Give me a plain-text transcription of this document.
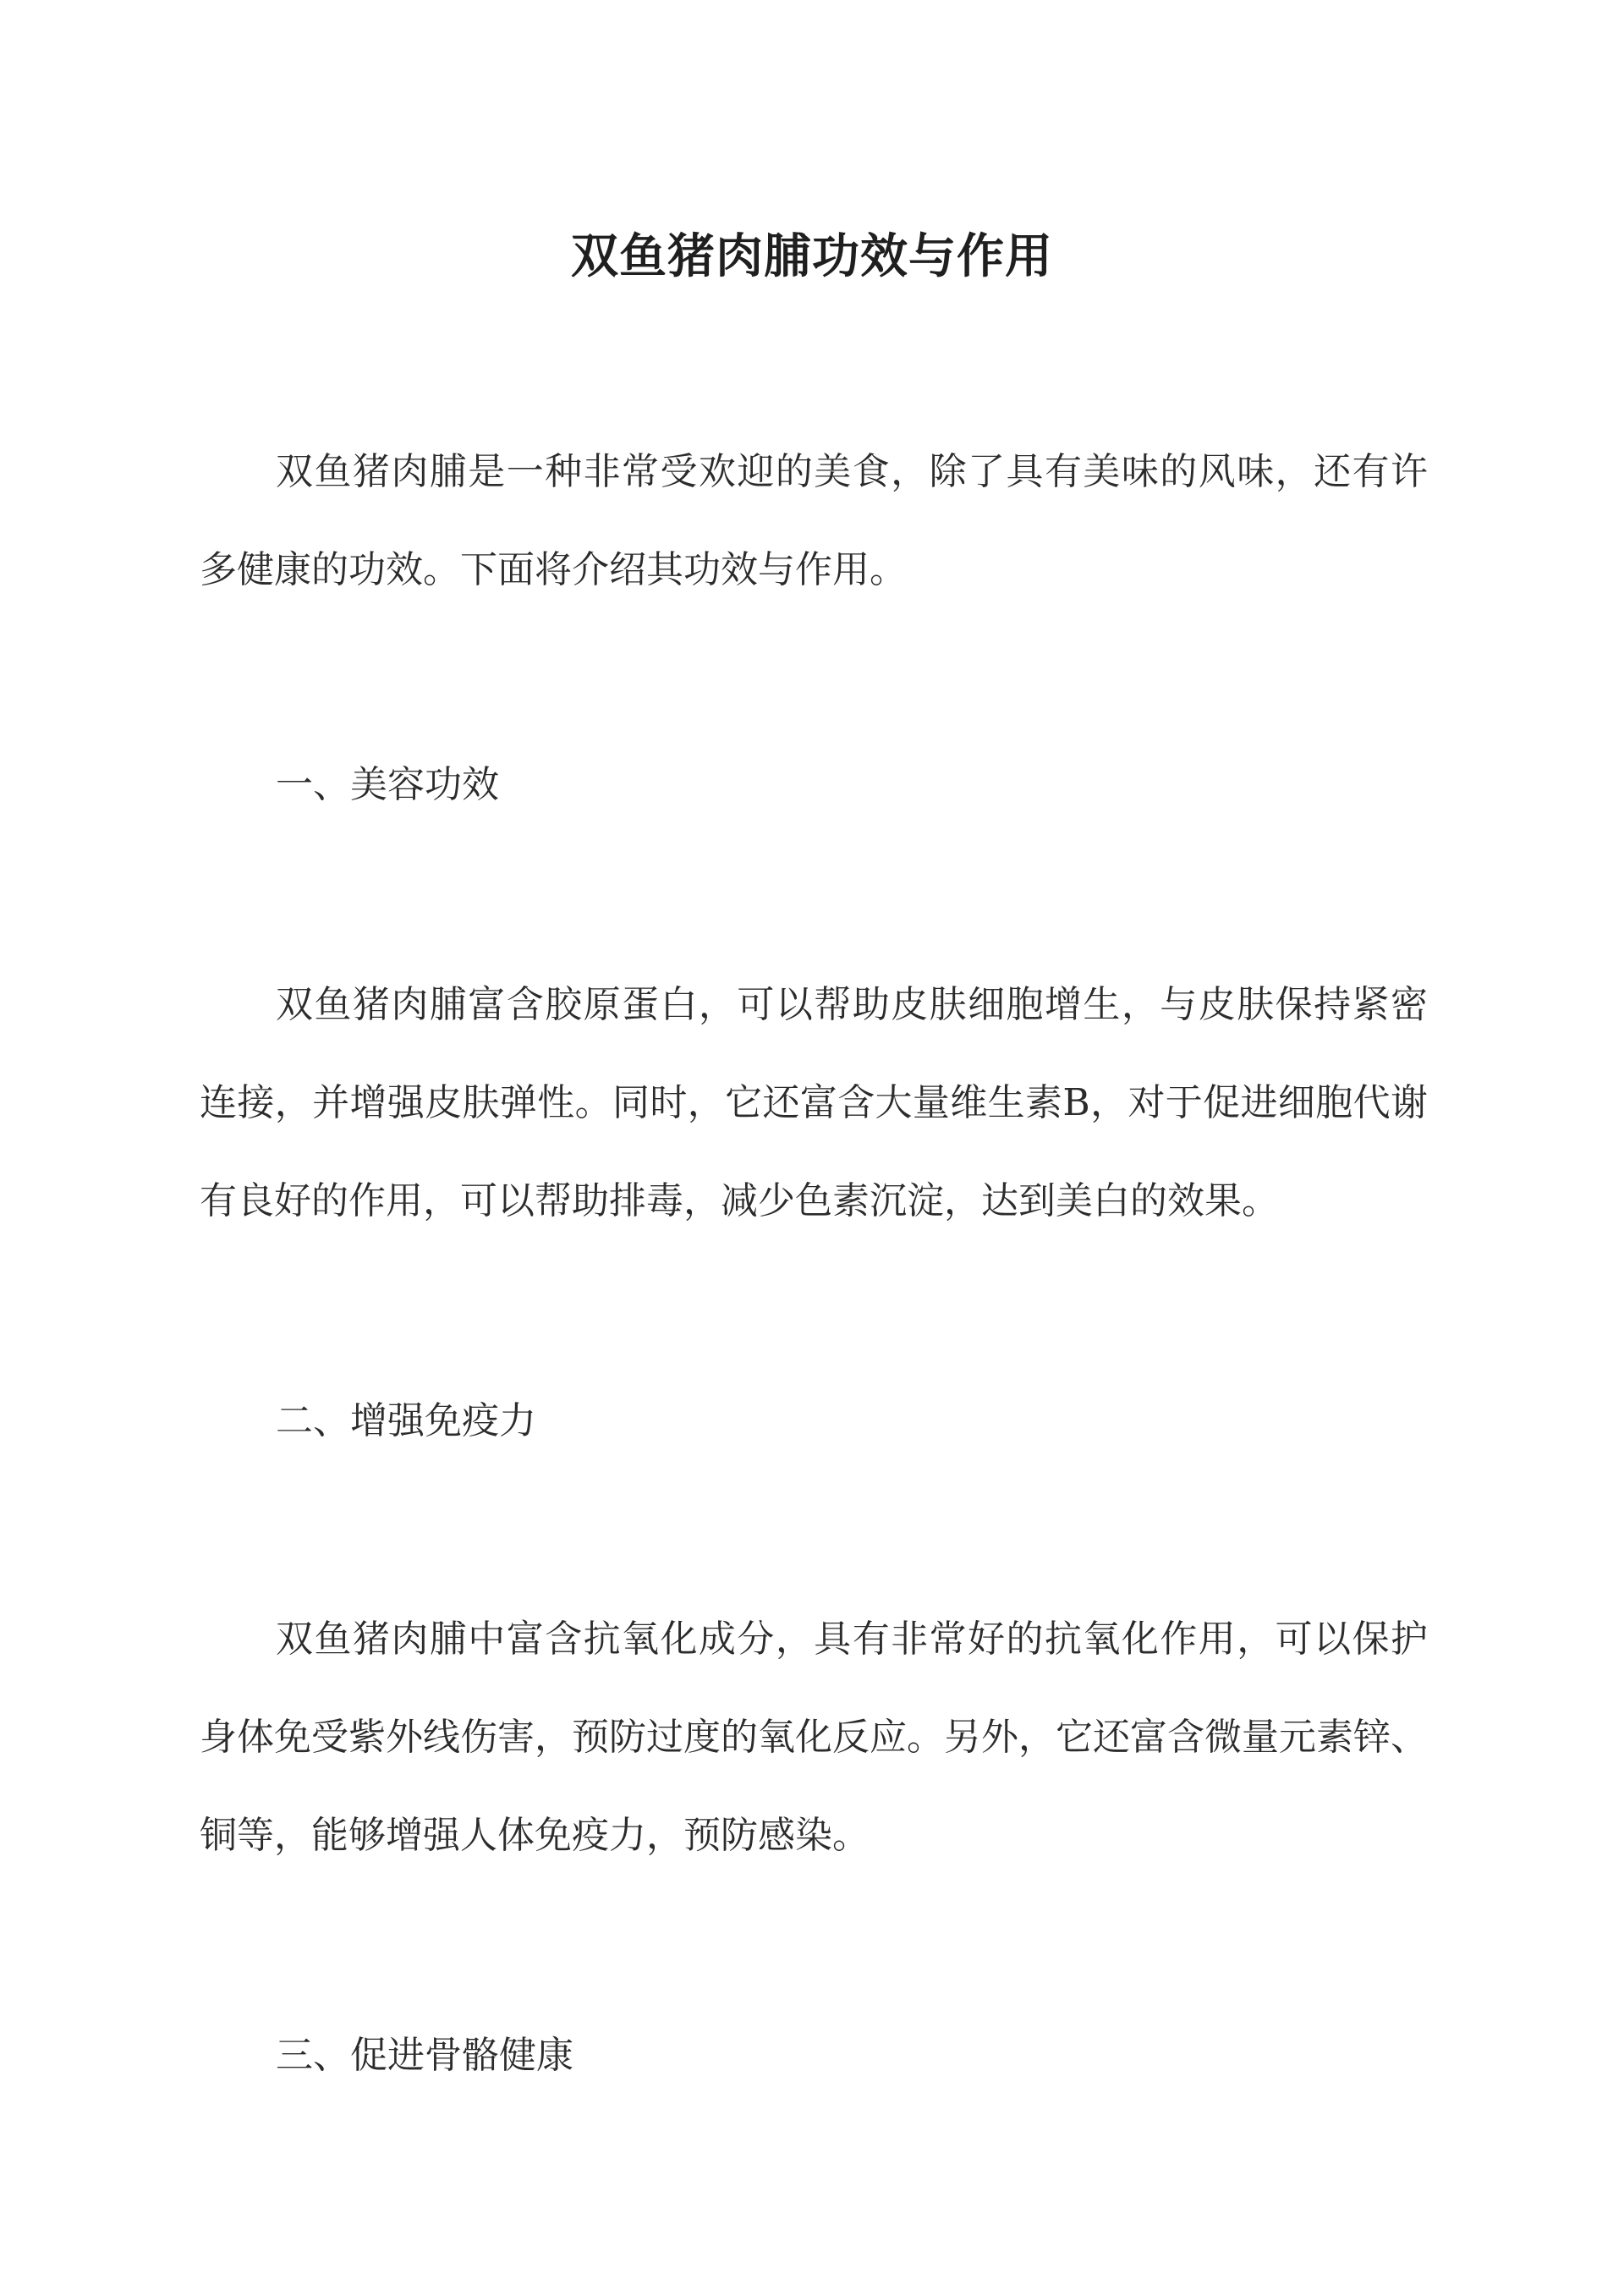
双鱼猪肉脯功效与作用

双鱼猪肉脯是一种非常受欢迎的美食，除了具有美味的风味，还有许多健康的功效。下面将介绍其功效与作用。

一、美容功效

双鱼猪肉脯富含胶原蛋白，可以帮助皮肤细胞增生，与皮肤保持紧密连接，并增强皮肤弹性。同时，它还富含大量维生素B，对于促进细胞代谢有良好的作用，可以帮助排毒，减少色素沉淀，达到美白的效果。

二、增强免疫力

双鱼猪肉脯中富含抗氧化成分，具有非常好的抗氧化作用，可以保护身体免受紫外线伤害，预防过度的氧化反应。另外，它还富含微量元素锌、铜等，能够增强人体免疫力，预防感染。

三、促进骨骼健康
